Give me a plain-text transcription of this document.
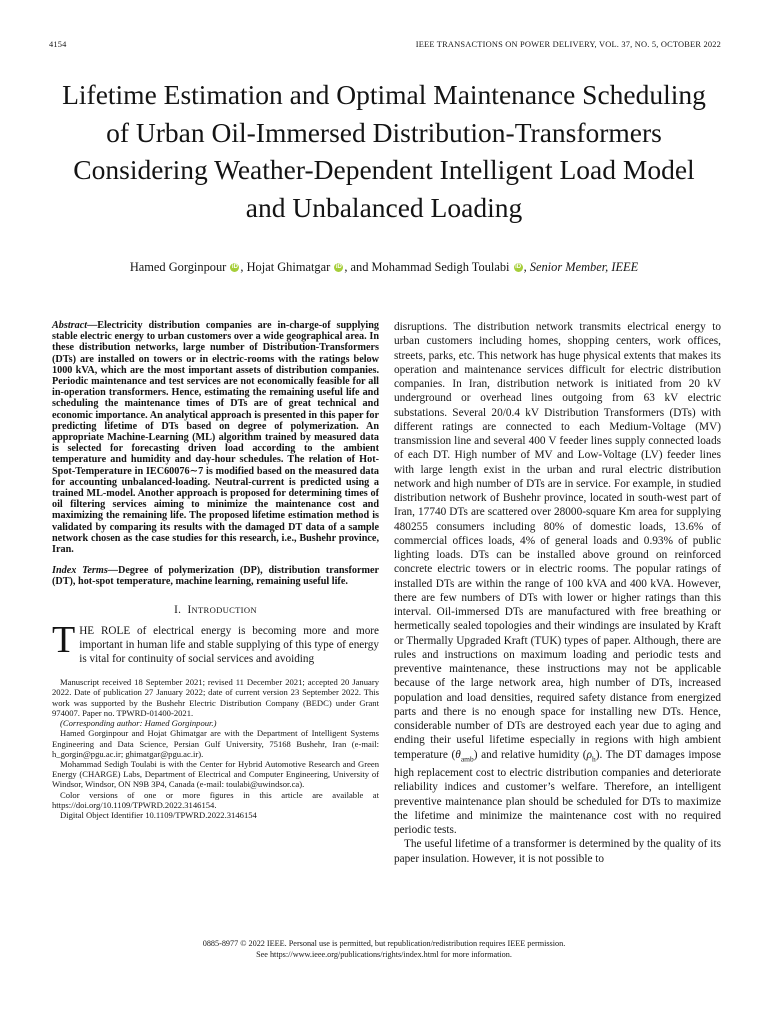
4154	IEEE TRANSACTIONS ON POWER DELIVERY, VOL. 37, NO. 5, OCTOBER 2022
Lifetime Estimation and Optimal Maintenance Scheduling of Urban Oil-Immersed Distribution-Transformers Considering Weather-Dependent Intelligent Load Model and Unbalanced Loading
Hamed Gorginpour iD , Hojat Ghimatgar iD , and Mohammad Sedigh Toulabi iD , Senior Member, IEEE

Abstract—Electricity distribution companies are in-charge-of supplying stable electric energy to urban customers over a wide geographical area. In these distribution networks, large number of Distribution-Transformers (DTs) are installed on towers or in electric-rooms with the ratings below 1000 kVA, which are the most important assets of distribution companies. Periodic maintenance and test services are not economically feasible for all in-operation transformers. Hence, estimating the remaining useful life and scheduling the maintenance times of DTs are of great technical and economic importance. An analytical approach is presented in this paper for predicting lifetime of DTs based on degree of polymerization. An appropriate Machine-Learning (ML) algorithm trained by measured data is selected for forecasting driven load according to the ambient temperature and humidity and day-hour schedules. The relation of Hot-Spot-Temperature in IEC60076∼7 is modified based on the measured data for accounting unbalanced-loading. Neutral-current is predicted using a trained ML-model. Another approach is proposed for determining times of oil filtering services aiming to minimize the maintenance cost and maximizing the remaining life. The proposed lifetime estimation method is validated by comparing its results with the damaged DT data of a sample network chosen as the case studies for this research, i.e., Bushehr province, Iran.

Index Terms—Degree of polymerization (DP), distribution transformer (DT), hot-spot temperature, machine learning, remaining useful life.

I. INTRODUCTION

THE ROLE of electrical energy is becoming more and more important in human life and stable supplying of this type of energy is vital for continuity of social services and avoiding

Manuscript received 18 September 2021; revised 11 December 2021; accepted 20 January 2022. Date of publication 27 January 2022; date of current version 23 September 2022. This work was supported by the Bushehr Electric Distribution Company (BEDC) under Grant 974007. Paper no. TPWRD-01400-2021.

(Corresponding author: Hamed Gorginpour.)

Hamed Gorginpour and Hojat Ghimatgar are with the Department of Intelligent Systems Engineering and Data Science, Persian Gulf University, 75168 Bushehr, Iran (e-mail: h_gorgin@pgu.ac.ir; ghimatgar@pgu.ac.ir).

Mohammad Sedigh Toulabi is with the Center for Hybrid Automotive Research and Green Energy (CHARGE) Labs, Department of Electrical and Computer Engineering, University of Windsor, Windsor, ON N9B 3P4, Canada (e-mail: toulabi@uwindsor.ca).

Color versions of one or more figures in this article are available at https://doi.org/10.1109/TPWRD.2022.3146154.

Digital Object Identifier 10.1109/TPWRD.2022.3146154

disruptions. The distribution network transmits electrical energy to urban customers including homes, shopping centers, work offices, streets, parks, etc. This network has huge physical extents that makes its operation and maintenance services difficult for electric distribution companies. In Iran, distribution network is initiated from 20 kV underground or overhead lines outgoing from 63 kV electric substations. Several 20/0.4 kV Distribution Transformers (DTs) with different ratings are connected to each Medium-Voltage (MV) transmission line and several 400 V feeder lines supply connected loads of each DT. High number of MV and Low-Voltage (LV) feeder lines with large length exist in the urban and rural electric distribution network and high number of DTs are in service. For example, in studied distribution network of Bushehr province, located in south-west part of Iran, 17740 DTs are scattered over 28000-square Km area for supplying 480255 consumers including 80% of domestic loads, 13.6% of commercial offices loads, 4% of general loads and 0.93% of public lighting loads. DTs can be installed above ground on reinforced concrete electric towers or in electric rooms. The popular ratings of installed DTs are within the range of 100 kVA and 400 kVA. However, there are few numbers of DTs with lower or higher ratings than this interval. Oil-immersed DTs are manufactured with free breathing or hermetically sealed topologies and their windings are insulated by Kraft or Thermally Upgraded Kraft (TUK) types of paper. Although, there are rules and instructions on maximum loading and periodic tests and preventive maintenance, these instructions may not be applicable because of the large network area, high number of DTs, increased population and load densities, required safety distance from energized parts and there is no enough space for installing new DTs. Hence, considerable number of DTs are destroyed each year due to aging and ending their useful lifetime especially in regions with high ambient temperature $(\theta_{amb})$ and relative humidity $(\rho_h)$. The DT damages impose high replacement cost to electric distribution companies and deteriorate reliability indices and customer’s welfare. Therefore, an intelligent preventive maintenance plan should be scheduled for DTs to maximize the lifetime and minimize the maintenance cost with no required periodic tests.

The useful lifetime of a transformer is determined by the quality of its paper insulation. However, it is not possible to

0885-8977 © 2022 IEEE. Personal use is permitted, but republication/redistribution requires IEEE permission.
See https://www.ieee.org/publications/rights/index.html for more information.
